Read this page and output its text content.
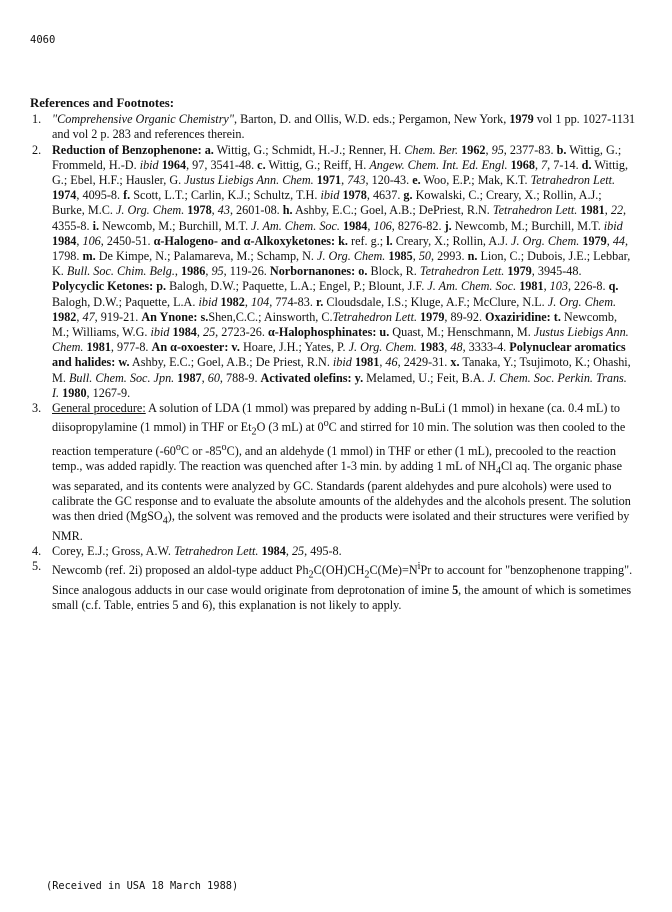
4060
References and Footnotes:
1. "Comprehensive Organic Chemistry", Barton, D. and Ollis, W.D. eds.; Pergamon, New York, 1979 vol 1 pp. 1027-1131 and vol 2 p. 283 and references therein.
2. Reduction of Benzophenone: a. Wittig, G.; Schmidt, H.-J.; Renner, H. Chem. Ber. 1962, 95, 2377-83. b. Wittig, G.; Frommeld, H.-D. ibid 1964, 97, 3541-48. c. Wittig, G.; Reiff, H. Angew. Chem. Int. Ed. Engl. 1968, 7, 7-14. d. Wittig, G.; Ebel, H.F.; Hausler, G. Justus Liebigs Ann. Chem. 1971, 743, 120-43. e. Woo, E.P.; Mak, K.T. Tetrahedron Lett. 1974, 4095-8. f. Scott, L.T.; Carlin, K.J.; Schultz, T.H. ibid 1978, 4637. g. Kowalski, C.; Creary, X.; Rollin, A.J.; Burke, M.C. J. Org. Chem. 1978, 43, 2601-08. h. Ashby, E.C.; Goel, A.B.; DePriest, R.N. Tetrahedron Lett. 1981, 22, 4355-8. i. Newcomb, M.; Burchill, M.T. J. Am. Chem. Soc. 1984, 106, 8276-82. j. Newcomb, M.; Burchill, M.T. ibid 1984, 106, 2450-51. α-Halogeno- and α-Alkoxyketones: k. ref. g.; l. Creary, X.; Rollin, A.J. J. Org. Chem. 1979, 44, 1798. m. De Kimpe, N.; Palamareva, M.; Schamp, N. J. Org. Chem. 1985, 50, 2993. n. Lion, C.; Dubois, J.E.; Lebbar, K. Bull. Soc. Chim. Belg., 1986, 95, 119-26. Norbornanones: o. Block, R. Tetrahedron Lett. 1979, 3945-48. Polycyclic Ketones: p. Balogh, D.W.; Paquette, L.A.; Engel, P.; Blount, J.F. J. Am. Chem. Soc. 1981, 103, 226-8. q. Balogh, D.W.; Paquette, L.A. ibid 1982, 104, 774-83. r. Cloudsdale, I.S.; Kluge, A.F.; McClure, N.L. J. Org. Chem. 1982, 47, 919-21. An Ynone: s.Shen,C.C.; Ainsworth, C.Tetrahedron Lett. 1979, 89-92. Oxaziridine: t. Newcomb, M.; Williams, W.G. ibid 1984, 25, 2723-26. α-Halophosphinates: u. Quast, M.; Henschmann, M. Justus Liebigs Ann. Chem. 1981, 977-8. An α-oxoester: v. Hoare, J.H.; Yates, P. J. Org. Chem. 1983, 48, 3333-4. Polynuclear aromatics and halides: w. Ashby, E.C.; Goel, A.B.; De Priest, R.N. ibid 1981, 46, 2429-31. x. Tanaka, Y.; Tsujimoto, K.; Ohashi, M. Bull. Chem. Soc. Jpn. 1987, 60, 788-9. Activated olefins: y. Melamed, U.; Feit, B.A. J. Chem. Soc. Perkin. Trans. I. 1980, 1267-9.
3. General procedure: A solution of LDA (1 mmol) was prepared by adding n-BuLi (1 mmol) in hexane (ca. 0.4 mL) to diisopropylamine (1 mmol) in THF or $Et_2O$ (3 mL) at 0$^o$C and stirred for 10 min. The solution was then cooled to the reaction temperature (-60$^o$C or -85$^o$C), and an aldehyde (1 mmol) in THF or ether (1 mL), precooled to the reaction temp., was added rapidly. The reaction was quenched after 1-3 min. by adding 1 mL of $NH_4Cl$ aq. The organic phase was separated, and its contents were analyzed by GC. Standards (parent aldehydes and pure alcohols) were used to calibrate the GC response and to evaluate the absolute amounts of the aldehydes and the alcohols present. The solution was then dried (MgSO$_4$), the solvent was removed and the products were isolated and their structures were verified by NMR.
4. Corey, E.J.; Gross, A.W. Tetrahedron Lett. 1984, 25, 495-8.
5. Newcomb (ref. 2i) proposed an aldol-type adduct $Ph_2C(OH)CH_2C(Me)=N^iPr$ to account for "benzophenone trapping". Since analogous adducts in our case would originate from deprotonation of imine 5, the amount of which is sometimes small (c.f. Table, entries 5 and 6), this explanation is not likely to apply.
(Received in USA 18 March 1988)
